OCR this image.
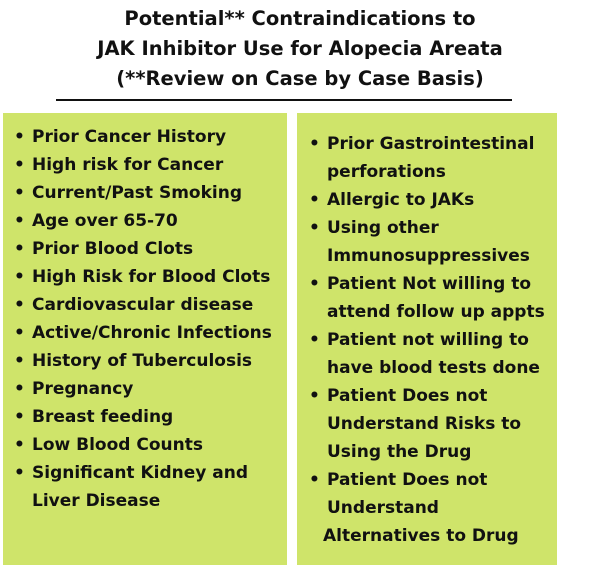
Potential** Contraindications to
JAK Inhibitor Use for Alopecia Areata
(**Review on Case by Case Basis)
• Prior Cancer History
• High risk for Cancer
• Current/Past Smoking
• Age over 65-70
• Prior Blood Clots
• High Risk for Blood Clots
• Cardiovascular disease
• Active/Chronic Infections
• History of Tuberculosis
• Pregnancy
• Breast feeding
• Low Blood Counts
• Significant Kidney and
Liver Disease
• Prior Gastrointestinal
perforations
• Allergic to JAKs
• Using other
Immunosuppressives
• Patient Not willing to
attend follow up appts
• Patient not willing to
have blood tests done
• Patient Does not
Understand Risks to
Using the Drug
• Patient Does not
Understand
Alternatives to Drug
